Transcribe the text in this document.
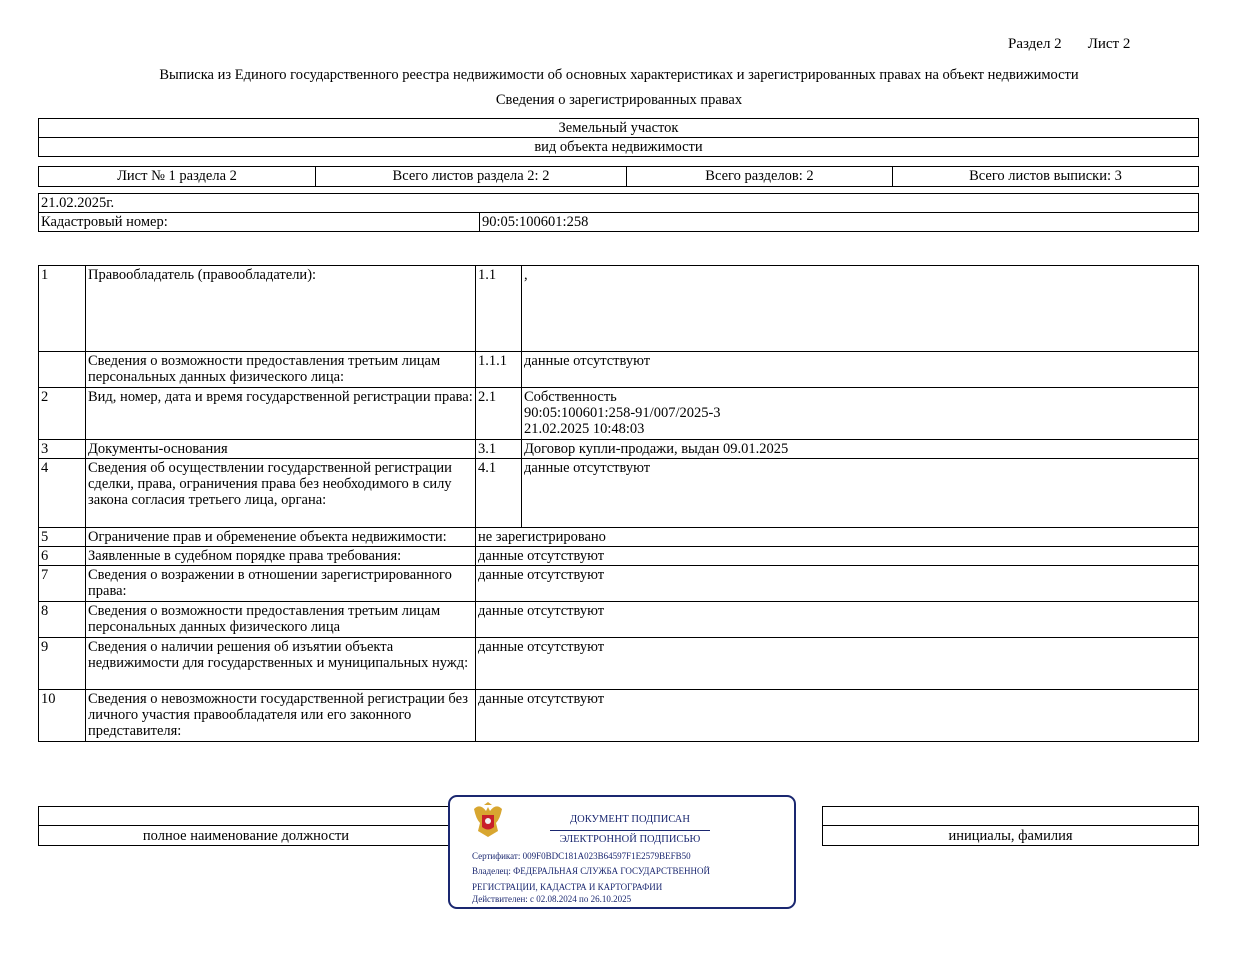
Раздел 2 Лист 2
Выписка из Единого государственного реестра недвижимости об основных характеристиках и зарегистрированных правах на объект недвижимости
Сведения о зарегистрированных правах
Земельный участок
вид объекта недвижимости
Лист № 1 раздела 2	Всего листов раздела 2: 2	Всего разделов: 2	Всего листов выписки: 3
21.02.2025г.
Кадастровый номер:	90:05:100601:258
1	Правообладатель (правообладатели):	1.1	,
	Сведения о возможности предоставления третьим лицам персональных данных физического лица:	1.1.1	данные отсутствуют
2	Вид, номер, дата и время государственной регистрации права:	2.1	Собственность
90:05:100601:258-91/007/2025-3
21.02.2025 10:48:03

3	Документы-основания	3.1	Договор купли-продажи, выдан 09.01.2025
4	Сведения об осуществлении государственной регистрации сделки, права, ограничения права без необходимого в силу закона согласия третьего лица, органа:	4.1	данные отсутствуют
5	Ограничение прав и обременение объекта недвижимости:	не зарегистрировано	
6	Заявленные в судебном порядке права требования:	данные отсутствуют	
7	Сведения о возражении в отношении зарегистрированного права:	данные отсутствуют	
8	Сведения о возможности предоставления третьим лицам персональных данных физического лица	данные отсутствуют	
9	Сведения о наличии решения об изъятии объекта недвижимости для государственных и муниципальных нужд:	данные отсутствуют	
10	Сведения о невозможности государственной регистрации без личного участия правообладателя или его законного представителя:	данные отсутствуют	

полное наименование должности		инициалы, фамилия
ДОКУМЕНТ ПОДПИСАН
ЭЛЕКТРОННОЙ ПОДПИСЬЮ
Сертификат: 009F0BDC181A023B64597F1E2579BEFB50
Владелец: ФЕДЕРАЛЬНАЯ СЛУЖБА ГОСУДАРСТВЕННОЙ
РЕГИСТРАЦИИ, КАДАСТРА И КАРТОГРАФИИ
Действителен: с 02.08.2024 по 26.10.2025
